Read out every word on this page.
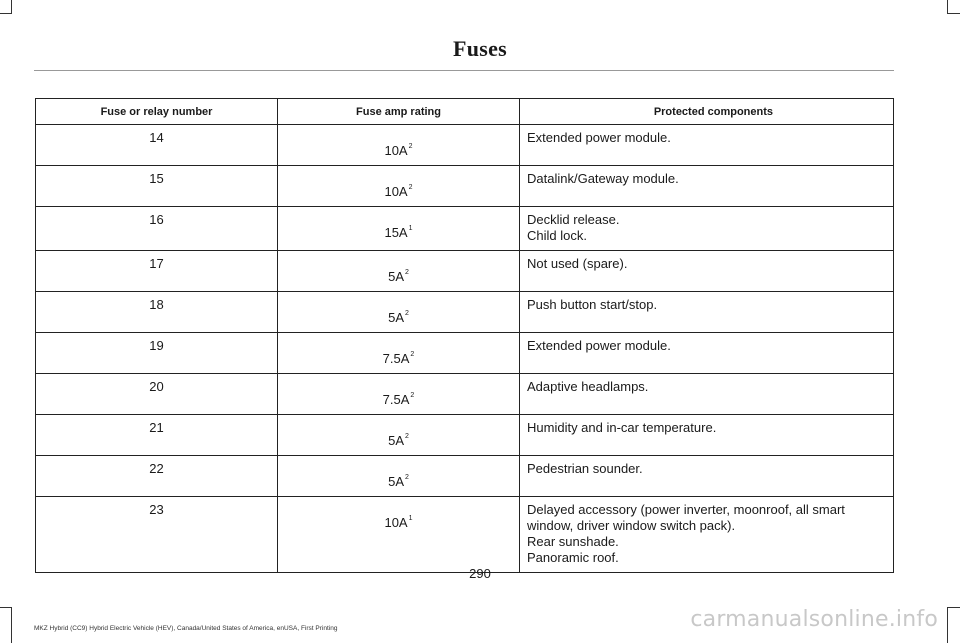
Fuses
Fuse or relay number	Fuse amp rating	Protected components
14	$10A^2$	Extended power module.
15	$10A^2$	Datalink/Gateway module.
16	$15A^1$	Decklid release.
Child lock.
17	$5A^2$	Not used (spare).
18	$5A^2$	Push button start/stop.
19	$7.5A^2$	Extended power module.
20	$7.5A^2$	Adaptive headlamps.
21	$5A^2$	Humidity and in-car temperature.
22	$5A^2$	Pedestrian sounder.
23	$10A^1$	Delayed accessory (power inverter, moonroof, all smart
window, driver window switch pack).
Rear sunshade.
Panoramic roof.
290
MKZ Hybrid (CC9) Hybrid Electric Vehicle (HEV), Canada/United States of America, enUSA, First Printing	carmanualsonline.info
